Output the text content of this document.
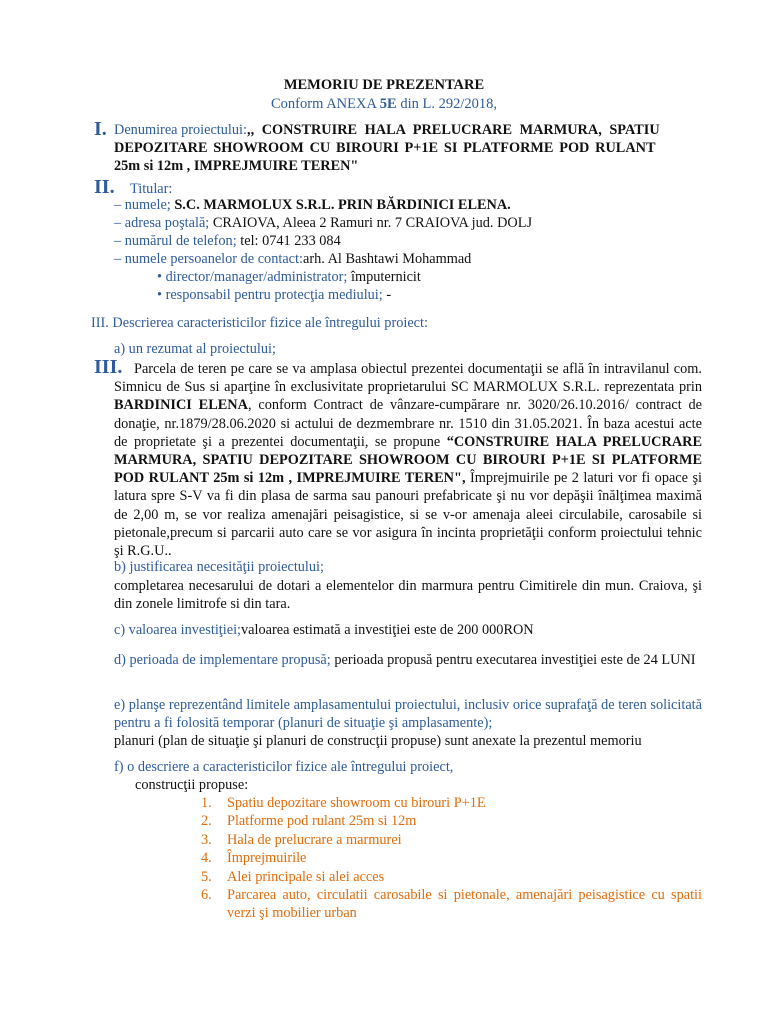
MEMORIU DE PREZENTARE
Conform ANEXA 5E din L. 292/2018,
I. Denumirea proiectului:,, CONSTRUIRE HALA PRELUCRARE MARMURA, SPATIU
DEPOZITARE SHOWROOM CU BIROURI P+1E SI PLATFORME POD RULANT
25m si 12m , IMPREJMUIRE TEREN"
II. Titular:
– numele; S.C. MARMOLUX S.R.L. PRIN BĂRDINICI ELENA.
– adresa poştală; CRAIOVA, Aleea 2 Ramuri nr. 7 CRAIOVA jud. DOLJ
– numărul de telefon; tel: 0741 233 084
– numele persoanelor de contact:arh. Al Bashtawi Mohammad
• director/manager/administrator; împuternicit
• responsabil pentru protecţia mediului; -
III. Descrierea caracteristicilor fizice ale întregului proiect:
a) un rezumat al proiectului;
III. Parcela de teren pe care se va amplasa obiectul prezentei documentaţii se află în intravilanul com. Simnicu de Sus si aparţine în exclusivitate proprietarului SC MARMOLUX S.R.L. reprezentata prin BARDINICI ELENA, conform Contract de vânzare-cumpărare nr. 3020/26.10.2016/ contract de donaţie, nr.1879/28.06.2020 si actului de dezmembrare nr. 1510 din 31.05.2021. În baza acestui acte de proprietate şi a prezentei documentaţii, se propune “CONSTRUIRE HALA PRELUCRARE MARMURA, SPATIU DEPOZITARE SHOWROOM CU BIROURI P+1E SI PLATFORME POD RULANT 25m si 12m , IMPREJMUIRE TEREN", Împrejmuirile pe 2 laturi vor fi opace şi latura spre S-V va fi din plasa de sarma sau panouri prefabricate şi nu vor depăşii înălţimea maximă de 2,00 m, se vor realiza amenajări peisagistice, si se v-or amenaja aleei circulabile, carosabile si pietonale,precum si parcarii auto care se vor asigura în incinta proprietăţii conform proiectului tehnic şi R.G.U..
b) justificarea necesităţii proiectului;
completarea necesarului de dotari a elementelor din marmura pentru Cimitirele din mun. Craiova, şi din zonele limitrofe si din tara.
c) valoarea investiţiei;valoarea estimată a investiţiei este de 200 000RON
d) perioada de implementare propusă; perioada propusă pentru executarea investiţiei este de 24 LUNI
e) planşe reprezentând limitele amplasamentului proiectului, inclusiv orice suprafaţă de teren solicitată pentru a fi folosită temporar (planuri de situaţie şi amplasamente);
planuri (plan de situaţie şi planuri de construcţii propuse) sunt anexate la prezentul memoriu
f) o descriere a caracteristicilor fizice ale întregului proiect,
construcţii propuse:
1.	Spatiu depozitare showroom cu birouri P+1E
2.	Platforme pod rulant 25m si 12m
3.	Hala de prelucrare a marmurei
4.	Împrejmuirile
5.	Alei principale si alei acces
6.	Parcarea auto, circulatii carosabile si pietonale, amenajări peisagistice cu spatii verzi şi mobilier urban
